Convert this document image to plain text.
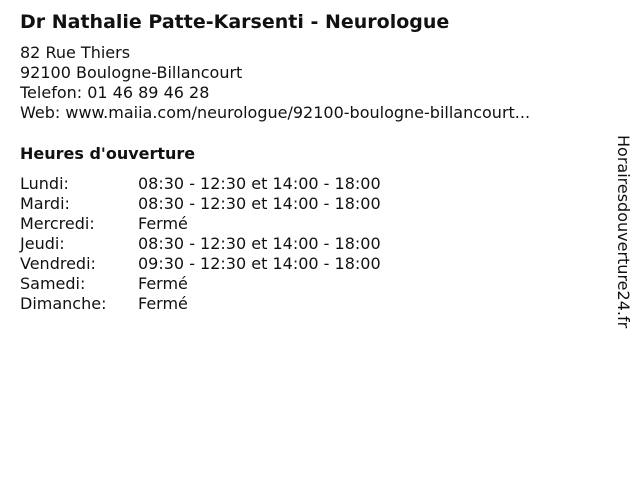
Dr Nathalie Patte-Karsenti - Neurologue
82 Rue Thiers
92100 Boulogne-Billancourt
Telefon: 01 46 89 46 28
Web: www.maiia.com/neurologue/92100-boulogne-billancourt...
Heures d'ouverture
Lundi:	08:30 - 12:30 et 14:00 - 18:00
Mardi:	08:30 - 12:30 et 14:00 - 18:00
Mercredi:	Fermé
Jeudi:	08:30 - 12:30 et 14:00 - 18:00
Vendredi:	09:30 - 12:30 et 14:00 - 18:00
Samedi:	Fermé
Dimanche: Fermé	Horairesdouverture24.fr
